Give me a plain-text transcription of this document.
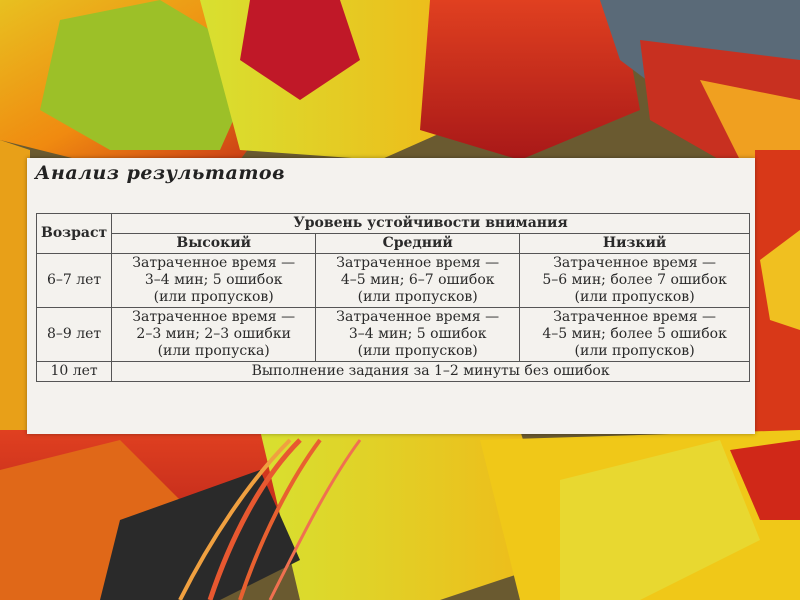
Анализ результатов
Возраст	Уровень устойчивости внимания		
	Высокий	Средний	Низкий
6–7 лет	Затраченное время —
3–4 мин; 5 ошибок
(или пропусков)	Затраченное время —
4–5 мин; 6–7 ошибок
(или пропусков)	Затраченное время —
5–6 мин; более 7 ошибок
(или пропусков)

8–9 лет	Затраченное время —
2–3 мин; 2–3 ошибки
(или пропуска)	Затраченное время —
3–4 мин; 5 ошибок
(или пропусков)	Затраченное время —
4–5 мин; более 5 ошибок
(или пропусков)

10 лет	Выполнение задания за 1–2 минуты без ошибок		
